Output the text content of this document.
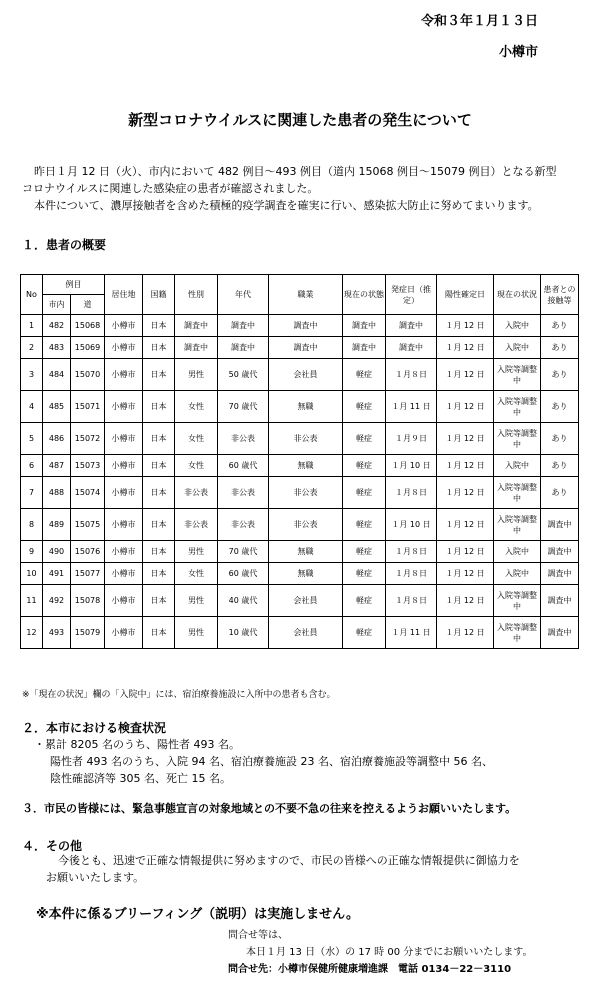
令和３年１月１３日
小樽市
新型コロナウイルスに関連した患者の発生について

昨日１月 12 日（火）、市内において 482 例目～493 例目（道内 15068 例目～15079 例目）となる新型

コロナウイルスに関連した感染症の患者が確認されました。

本件について、濃厚接触者を含めた積極的疫学調査を確実に行い、感染拡大防止に努めてまいります。

１．患者の概要
No	例目		居住地	国籍	性別	年代	職業	現在の状態	発症日（推定）	陽性確定日	現在の状況	患者との接触等
	市内	道										
1	482	15068	小樽市	日本	調査中	調査中	調査中	調査中	調査中	１月 12 日	入院中	あり
2	483	15069	小樽市	日本	調査中	調査中	調査中	調査中	調査中	１月 12 日	入院中	あり
3	484	15070	小樽市	日本	男性	50 歳代	会社員	軽症	１月８日	１月 12 日	入院等調整中	あり
4	485	15071	小樽市	日本	女性	70 歳代	無職	軽症	１月 11 日	１月 12 日	入院等調整中	あり
5	486	15072	小樽市	日本	女性	非公表	非公表	軽症	１月９日	１月 12 日	入院等調整中	あり
6	487	15073	小樽市	日本	女性	60 歳代	無職	軽症	１月 10 日	１月 12 日	入院中	あり
7	488	15074	小樽市	日本	非公表	非公表	非公表	軽症	１月８日	１月 12 日	入院等調整中	あり
8	489	15075	小樽市	日本	非公表	非公表	非公表	軽症	１月 10 日	１月 12 日	入院等調整中	調査中
9	490	15076	小樽市	日本	男性	70 歳代	無職	軽症	１月８日	１月 12 日	入院中	調査中
10	491	15077	小樽市	日本	女性	60 歳代	無職	軽症	１月８日	１月 12 日	入院中	調査中
11	492	15078	小樽市	日本	男性	40 歳代	会社員	軽症	１月８日	１月 12 日	入院等調整中	調査中
12	493	15079	小樽市	日本	男性	10 歳代	会社員	軽症	１月 11 日	１月 12 日	入院等調整中	調査中
※「現在の状況」欄の「入院中」には、宿泊療養施設に入所中の患者も含む。
２．本市における検査状況
・累計 8205 名のうち、陽性者 493 名。
陽性者 493 名のうち、入院 94 名、宿泊療養施設 23 名、宿泊療養施設等調整中 56 名、
陰性確認済等 305 名、死亡 15 名。
３．市民の皆様には、緊急事態宣言の対象地域との不要不急の往来を控えるようお願いいたします。
４．その他
今後とも、迅速で正確な情報提供に努めますので、市民の皆様への正確な情報提供に御協力を
お願いいたします。
※本件に係るブリーフィング（説明）は実施しません。
問合せ等は、
本日１月 13 日（水）の 17 時 00 分までにお願いいたします。
問合せ先：小樽市保健所健康増進課　電話 0134－22－3110
